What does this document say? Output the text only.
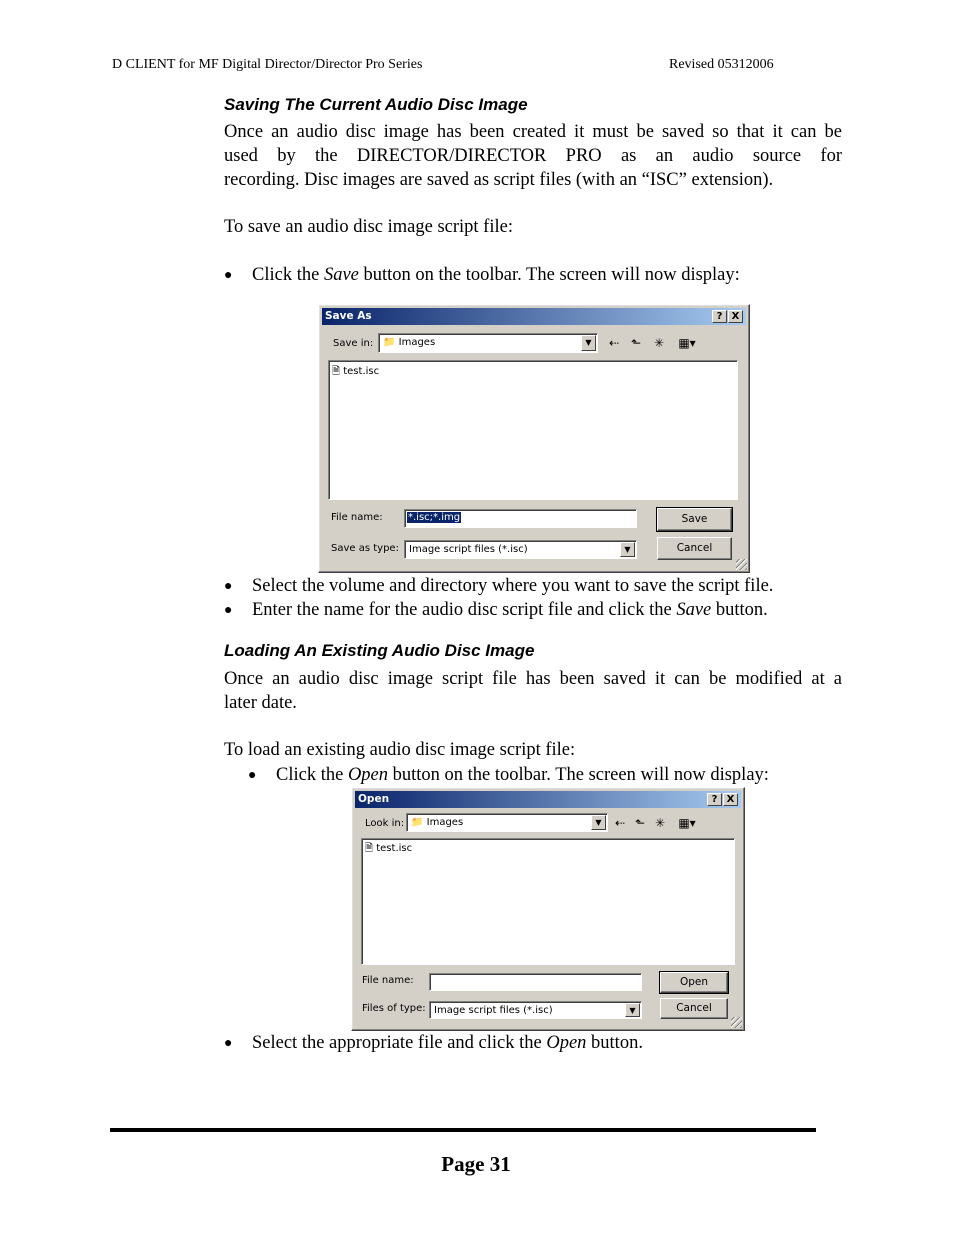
D CLIENT for MF Digital Director/Director Pro Series	Revised 05312006
Saving The Current Audio Disc Image
Once an audio disc image has been created it must be saved so that it can be
used by the DIRECTOR/DIRECTOR PRO as an audio source for
recording. Disc images are saved as script files (with an “ISC” extension).
To save an audio disc image script file:
● Click the Save button on the toolbar. The screen will now display:
Save As	? X
Save in: 📁 Images	▼	⇠ ⬑	✳	▦▾
🗎 test.isc
File name:	*.isc;*.img
Save as type:	Image script files (*.isc)	▼
Save
Cancel
● Select the volume and directory where you want to save the script file.
● Enter the name for the audio disc script file and click the Save button.
Loading An Existing Audio Disc Image
Once an audio disc image script file has been saved it can be modified at a
later date.
To load an existing audio disc image script file:
● Click the Open button on the toolbar. The screen will now display:
Open	? X
Look in: 📁 Images	▼	⇠ ⬑ ✳	▦▾
🗎 test.isc
File name:
Files of type: Image script files (*.isc)	▼
Open
Cancel
● Select the appropriate file and click the Open button.
Page 31
